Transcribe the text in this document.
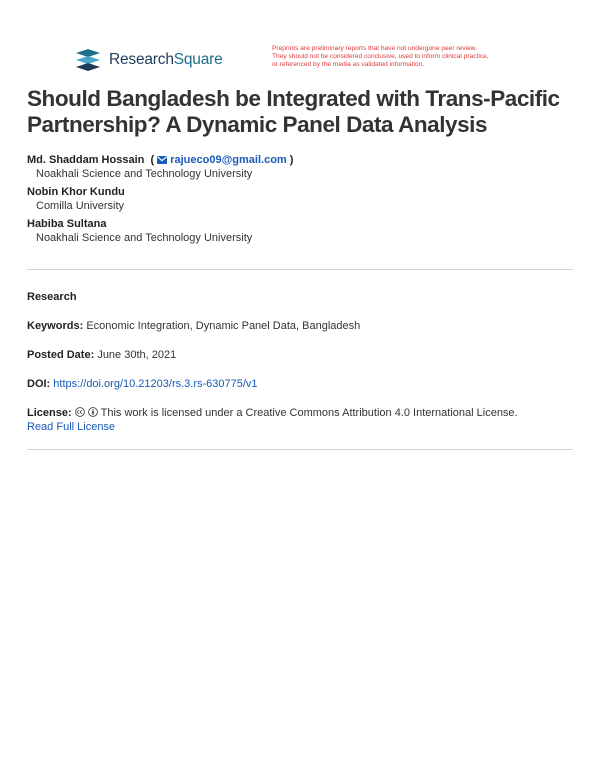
ResearchSquare
Preprints are preliminary reports that have not undergone peer review.
They should not be considered conclusive, used to inform clinical practice,
or referenced by the media as validated information.
Should Bangladesh be Integrated with Trans-Pacific Partnership? A Dynamic Panel Data Analysis
Md. Shaddam Hossain  ( rajueco09@gmail.com )
Noakhali Science and Technology University
Nobin Khor Kundu
Comilla University
Habiba Sultana
Noakhali Science and Technology University
Research
Keywords: Economic Integration, Dynamic Panel Data, Bangladesh
Posted Date: June 30th, 2021
DOI: https://doi.org/10.21203/rs.3.rs-630775/v1
License:	This work is licensed under a Creative Commons Attribution 4.0 International License.
Read Full License
